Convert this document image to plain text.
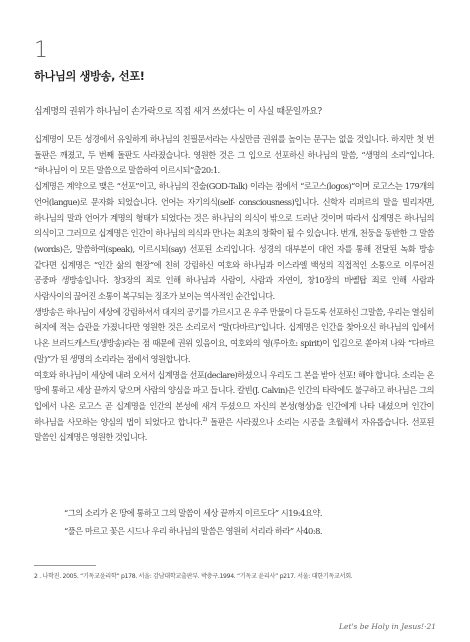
1
하나님의 생방송, 선포!
십계명의 권위가 하나님이 손가락으로 직접 새겨 쓰셨다는 이 사실 때문일까요?

십계명이 모든 성경에서 유일하게 하나님의 친필문서라는 사실만큼 권위를 높이는 문구는 없을 것입니다. 하지만 첫 번 돌판은 깨졌고, 두 번째 돌판도 사라졌습니다. 영원한 것은 그 입으로 선포하신 하나님의 말씀, “생명의 소리”입니다. “하나님이 이 모든 말씀으로 말씀하여 이르시되”출20:1.

십계명은 계약으로 맺은 “선포”이고, 하나님의 진술(GOD-Talk) 이라는 점에서 “로고스(logos)”이며 로고스는 179개의 언어(langue)로 문자화 되었습니다. 언어는 자기의식(self- consciousness)입니다. 신학자 리퍼르의 말을 빌리자면, 하나님의 말과 언어가 계명의 형태가 되었다는 것은 하나님의 의식이 밖으로 드러난 것이며 따라서 십계명은 하나님의 의식이고 그러므로 십계명은 인간이 하나님의 의식과 만나는 최초의 창확이 될 수 있습니다. 번개, 천둥을 동반한 그 말씀(words)은, 말씀하여(speak), 이르시되(say) 선포된 소리입니다. 성경의 대부분이 대언 자를 통해 전달된 녹화 방송 같다면 십계명은 “인간 삶의 현장”에 친히 강림하신 여호와 하나님과 이스라엘 백성의 직접적인 소통으로 이루어진 공중파 생방송입니다. 창3장의 죄로 인해 하나님과 사람이, 사람과 자연이, 창10장의 바벨탑 죄로 인해 사람과 사람사이의 끊어진 소통이 복구되는 징조가 보이는 역사적인 순간입니다.

생방송은 하나님이 세상에 강림하셔서 대지의 공기를 가르시고 온 우주 만물이 다 듣도록 선포하신 그말씀, 우리는 열심히 혀지에 적는 습관을 가졌니다만 영원한 것은 소리로서 “말(다바르)”입니다. 십계명은 인간을 찾아오신 하나님의 입에서 나온 브러드캐스트(생방송)라는 점 때문에 권위 있음이요, 여호와의 영(루아흐: spirit)이 입김으로 쏟아져 나와 “다바르(말)”가 된 생명의 소리라는 점에서 영원합니다.

여호와 하나님이 세상에 내려 오셔서 십계명을 선포(declare)하셨으니 우리도 그 본을 받아 선포! 해야 합니다. 소리는 온 땅에 통하고 세상 끝까지 닿으며 사람의 양심을 파고 듭니다. 칼빈(J. Calvin)은 인간의 타락에도 불구하고 하나님은 그의 입에서 나온 로고스 곧 십계명을 인간의 본성에 새겨 두셨으므 자신의 본성(형상)을 인간에게 나타 내셨으며 인간이 하나님을 사모하는 양심의 법이 되었다고 합니다.$^{2)}$ 돌판은 사라졌으나 소리는 시공을 초월해서 자유롭습니다. 선포된 말씀인 십계명은 영원한 것입니다.

“그의 소리가 온 땅에 통하고 그의 말씀이 세상 끝까지 이르도다” 시19:4요약.
“풀은 마르고 꽃은 시드나 우리 하나님의 말씀은 영원히 서리라 하라” 사40:8.
2 . 나학진. 2005. “기독교윤리학” p178. 서울: 감남대학교출판부. 박충구.1994. “기독교 윤리사” p217. 서울: 대한기독교서회.
Let's be Holy in Jesus!·21
